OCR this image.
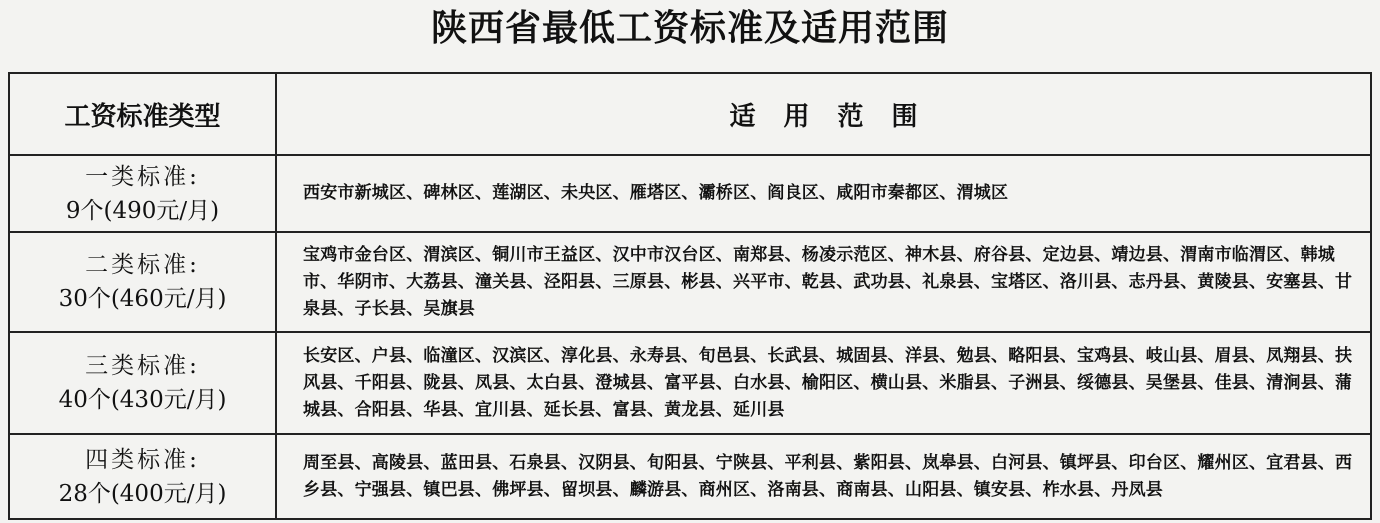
陕西省最低工资标准及适用范围
工资标准类型	适用范围
一类标准:
9个(490元/月)
西安市新城区、碑林区、莲湖区、未央区、雁塔区、灞桥区、阎良区、咸阳市秦都区、渭城区
二类标准:
30个(460元/月)
宝鸡市金台区、渭滨区、铜川市王益区、汉中市汉台区、南郑县、杨凌示范区、神木县、府谷县、定边县、靖边县、渭南市临渭区、韩城市、华阴市、大荔县、潼关县、泾阳县、三原县、彬县、兴平市、乾县、武功县、礼泉县、宝塔区、洛川县、志丹县、黄陵县、安塞县、甘泉县、子长县、吴旗县
三类标准:
40个(430元/月)
长安区、户县、临潼区、汉滨区、淳化县、永寿县、旬邑县、长武县、城固县、洋县、勉县、略阳县、宝鸡县、岐山县、眉县、凤翔县、扶风县、千阳县、陇县、凤县、太白县、澄城县、富平县、白水县、榆阳区、横山县、米脂县、子洲县、绥德县、吴堡县、佳县、清涧县、蒲城县、合阳县、华县、宜川县、延长县、富县、黄龙县、延川县
四类标准:
28个(400元/月)
周至县、高陵县、蓝田县、石泉县、汉阴县、旬阳县、宁陕县、平利县、紫阳县、岚皋县、白河县、镇坪县、印台区、耀州区、宜君县、西乡县、宁强县、镇巴县、佛坪县、留坝县、麟游县、商州区、洛南县、商南县、山阳县、镇安县、柞水县、丹凤县
